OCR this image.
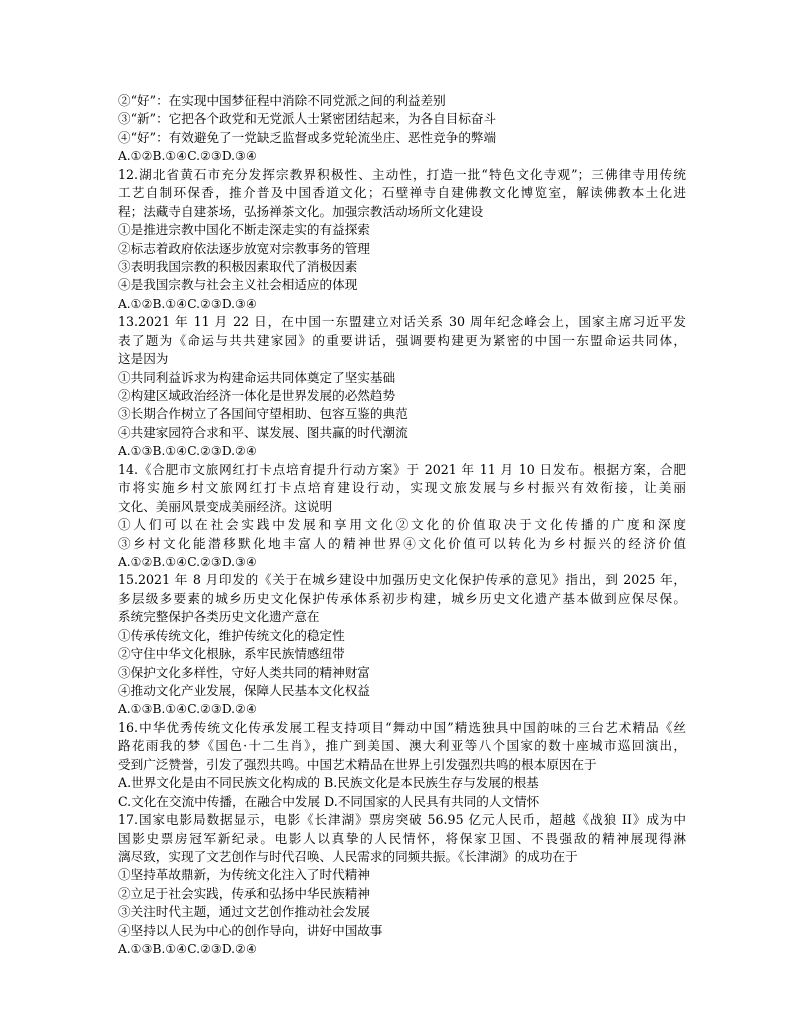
②“好”：在实现中国梦征程中消除不同党派之间的利益差别
③“新”：它把各个政党和无党派人士紧密团结起来，为各自目标奋斗
④“好”：有效避免了一党缺乏监督或多党轮流坐庄、恶性竞争的弊端
A.①②B.①④C.②③D.③④
12.湖北省黄石市充分发挥宗教界积极性、主动性，打造一批“特色文化寺观”；三佛律寺用传统
工艺自制环保香，推介普及中国香道文化；石壁禅寺自建佛教文化博览室，解读佛教本土化进
程；法藏寺自建茶场，弘扬禅茶文化。加强宗教活动场所文化建设
①是推进宗教中国化不断走深走实的有益探索
②标志着政府依法逐步放宽对宗教事务的管理
③表明我国宗教的积极因素取代了消极因素
④是我国宗教与社会主义社会相适应的体现
A.①②B.①④C.②③D.③④
13.2021 年 11 月 22 日，在中国一东盟建立对话关系 30 周年纪念峰会上，国家主席习近平发
表了题为《命运与共共建家园》的重要讲话，强调要构建更为紧密的中国一东盟命运共同体，
这是因为
①共同利益诉求为构建命运共同体奠定了坚实基础
②构建区域政治经济一体化是世界发展的必然趋势
③长期合作树立了各国间守望相助、包容互鉴的典范
④共建家园符合求和平、谋发展、图共赢的时代潮流
A.①③B.①④C.②③D.②④
14.《合肥市文旅网红打卡点培育提升行动方案》于 2021 年 11 月 10 日发布。根据方案，合肥
市将实施乡村文旅网红打卡点培育建设行动，实现文旅发展与乡村振兴有效衔接，让美丽
文化、美丽风景变成美丽经济。这说明
①人们可以在社会实践中发展和享用文化②文化的价值取决于文化传播的广度和深度
③乡村文化能潜移默化地丰富人的精神世界④文化价值可以转化为乡村振兴的经济价值
A.①②B.①④C.②③D.③④
15.2021 年 8 月印发的《关于在城乡建设中加强历史文化保护传承的意见》指出，到 2025 年，
多层级多要素的城乡历史文化保护传承体系初步构建，城乡历史文化遗产基本做到应保尽保。
系统完整保护各类历史文化遗产意在
①传承传统文化，维护传统文化的稳定性
②守住中华文化根脉，系牢民族情感纽带
③保护文化多样性，守好人类共同的精神财富
④推动文化产业发展，保障人民基本文化权益
A.①③B.①④C.②③D.②④
16.中华优秀传统文化传承发展工程支持项目“舞动中国”精选独具中国韵味的三台艺术精品《丝
路花雨我的梦《国色·十二生肖》，推广到美国、澳大利亚等八个国家的数十座城市巡回演出，
受到广泛赞誉，引发了强烈共鸣。中国艺术精品在世界上引发强烈共鸣的根本原因在于
A.世界文化是由不同民族文化构成的 B.民族文化是本民族生存与发展的根基
C.文化在交流中传播，在融合中发展 D.不同国家的人民具有共同的人文情怀
17.国家电影局数据显示，电影《长津湖》票房突破 56.95 亿元人民币，超越《战狼 II》成为中
国影史票房冠军新纪录。电影人以真挚的人民情怀，将保家卫国、不畏强敌的精神展现得淋
漓尽致，实现了文艺创作与时代召唤、人民需求的同频共振。《长津湖》的成功在于
①坚持革故鼎新，为传统文化注入了时代精神
②立足于社会实践，传承和弘扬中华民族精神
③关注时代主题，通过文艺创作推动社会发展
④坚持以人民为中心的创作导向，讲好中国故事
A.①③B.①④C.②③D.②④
